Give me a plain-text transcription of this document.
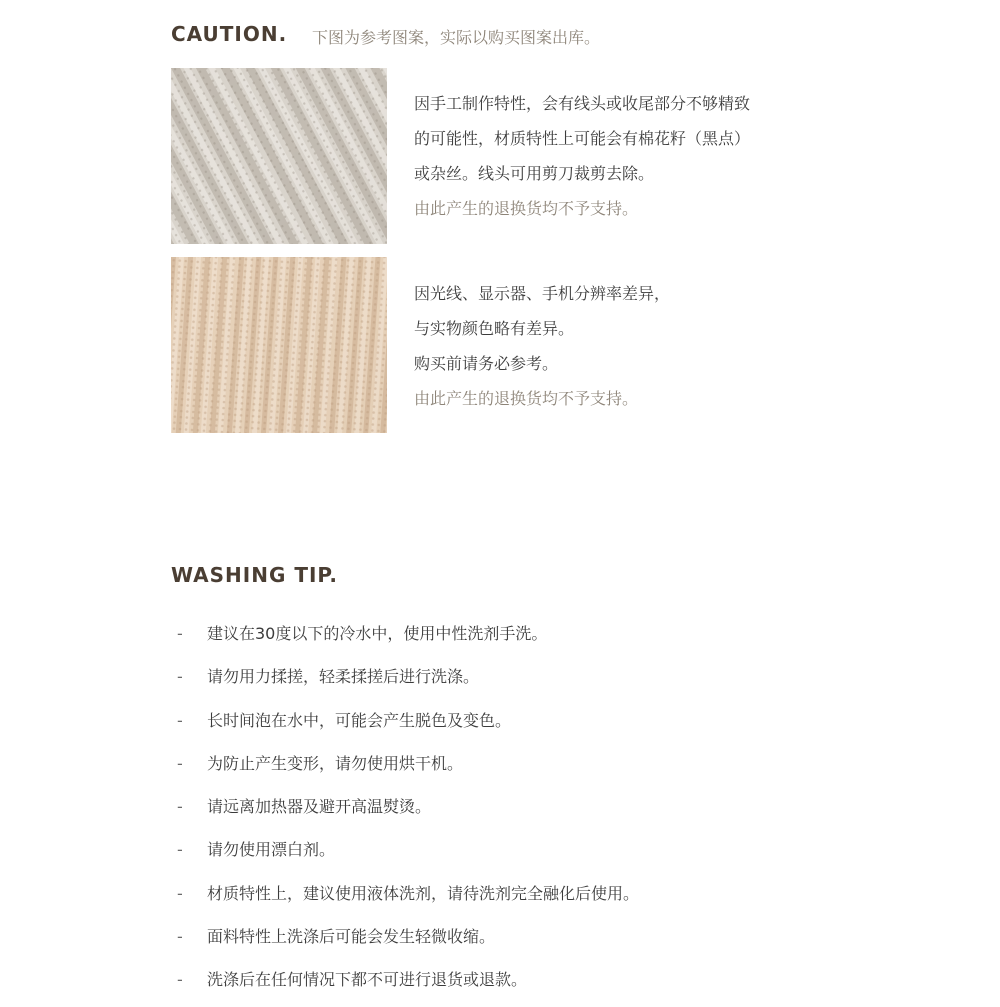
CAUTION. 下图为参考图案，实际以购买图案出库。
因手工制作特性，会有线头或收尾部分不够精致
的可能性，材质特性上可能会有棉花籽（黑点）
或杂丝。线头可用剪刀裁剪去除。
由此产生的退换货均不予支持。
因光线、显示器、手机分辨率差异，
与实物颜色略有差异。
购买前请务必参考。
由此产生的退换货均不予支持。
WASHING TIP.
-	建议在30度以下的冷水中，使用中性洗剂手洗。
-	请勿用力揉搓，轻柔揉搓后进行洗涤。
-	长时间泡在水中，可能会产生脱色及变色。
-	为防止产生变形，请勿使用烘干机。
-	请远离加热器及避开高温熨烫。
-	请勿使用漂白剂。
-	材质特性上，建议使用液体洗剂，请待洗剂完全融化后使用。
-	面料特性上洗涤后可能会发生轻微收缩。
-	洗涤后在任何情况下都不可进行退货或退款。
